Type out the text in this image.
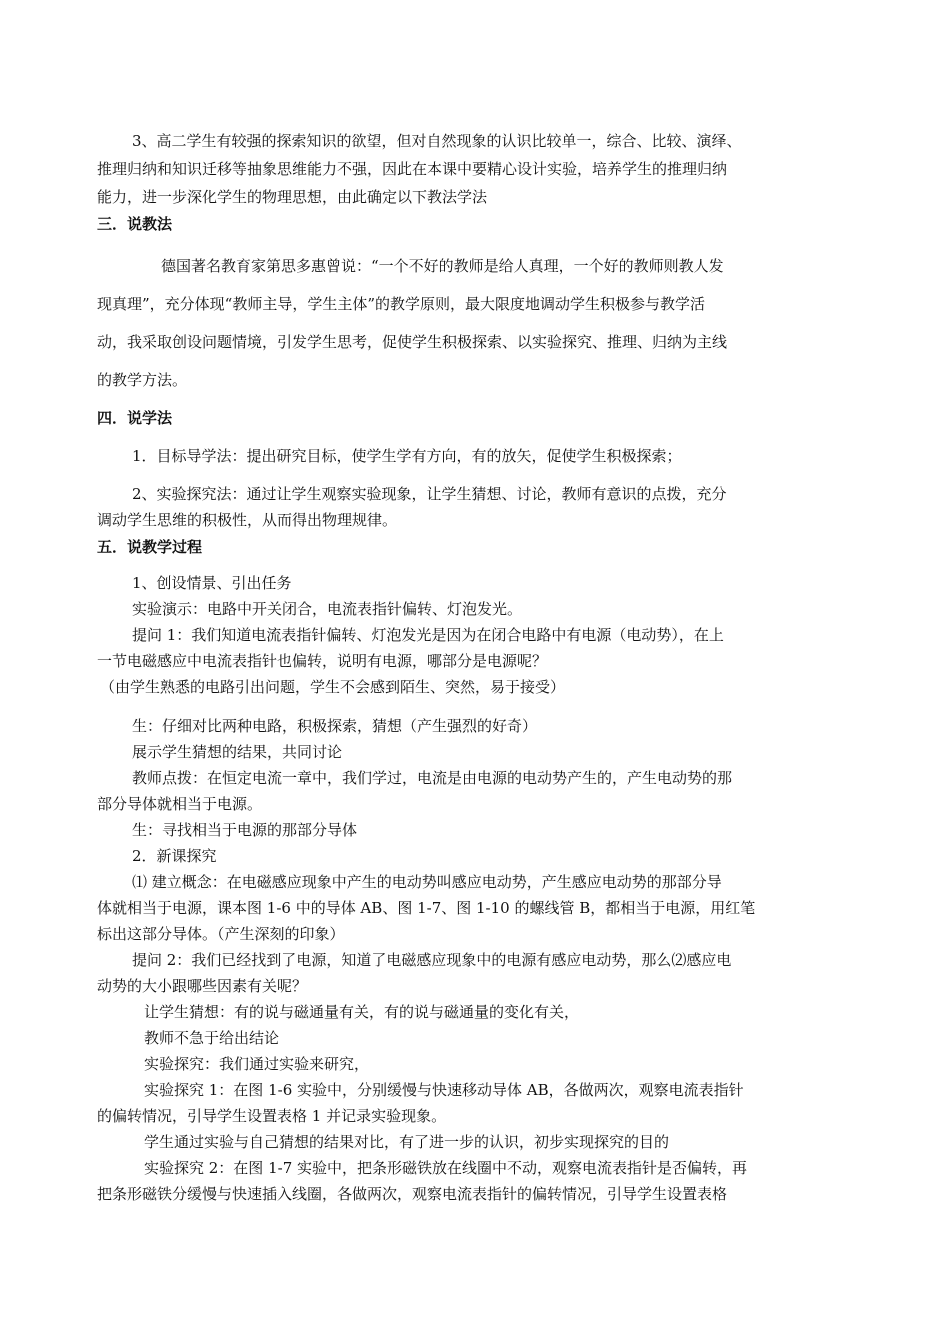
3、高二学生有较强的探索知识的欲望，但对自然现象的认识比较单一，综合、比较、演绎、
推理归纳和知识迁移等抽象思维能力不强，因此在本课中要精心设计实验，培养学生的推理归纳
能力，进一步深化学生的物理思想，由此确定以下教法学法
三．说教法
德国著名教育家第思多惠曾说：“一个不好的教师是给人真理，一个好的教师则教人发
现真理”，充分体现“教师主导，学生主体”的教学原则，最大限度地调动学生积极参与教学活
动，我采取创设问题情境，引发学生思考，促使学生积极探索、以实验探究、推理、归纳为主线
的教学方法。
四．说学法
1．目标导学法：提出研究目标，使学生学有方向，有的放矢，促使学生积极探索；
2、实验探究法：通过让学生观察实验现象，让学生猜想、讨论，教师有意识的点拨，充分
调动学生思维的积极性，从而得出物理规律。
五．说教学过程
1、创设情景、引出任务
实验演示：电路中开关闭合，电流表指针偏转、灯泡发光。
提问 1：我们知道电流表指针偏转、灯泡发光是因为在闭合电路中有电源（电动势），在上
一节电磁感应中电流表指针也偏转，说明有电源，哪部分是电源呢？
（由学生熟悉的电路引出问题，学生不会感到陌生、突然，易于接受）
生：仔细对比两种电路，积极探索，猜想（产生强烈的好奇）
展示学生猜想的结果，共同讨论
教师点拨：在恒定电流一章中，我们学过，电流是由电源的电动势产生的，产生电动势的那
部分导体就相当于电源。
生：寻找相当于电源的那部分导体
2．新课探究
⑴ 建立概念：在电磁感应现象中产生的电动势叫感应电动势，产生感应电动势的那部分导
体就相当于电源，课本图 1-6 中的导体 AB、图 1-7、图 1-10 的螺线管 B，都相当于电源，用红笔
标出这部分导体。（产生深刻的印象）
提问 2：我们已经找到了电源，知道了电磁感应现象中的电源有感应电动势，那么⑵感应电
动势的大小跟哪些因素有关呢？
让学生猜想：有的说与磁通量有关，有的说与磁通量的变化有关，
教师不急于给出结论
实验探究：我们通过实验来研究，
实验探究 1：在图 1-6 实验中，分别缓慢与快速移动导体 AB，各做两次，观察电流表指针
的偏转情况，引导学生设置表格 1 并记录实验现象。
学生通过实验与自己猜想的结果对比，有了进一步的认识，初步实现探究的目的
实验探究 2：在图 1-7 实验中，把条形磁铁放在线圈中不动，观察电流表指针是否偏转，再
把条形磁铁分缓慢与快速插入线圈，各做两次，观察电流表指针的偏转情况，引导学生设置表格
